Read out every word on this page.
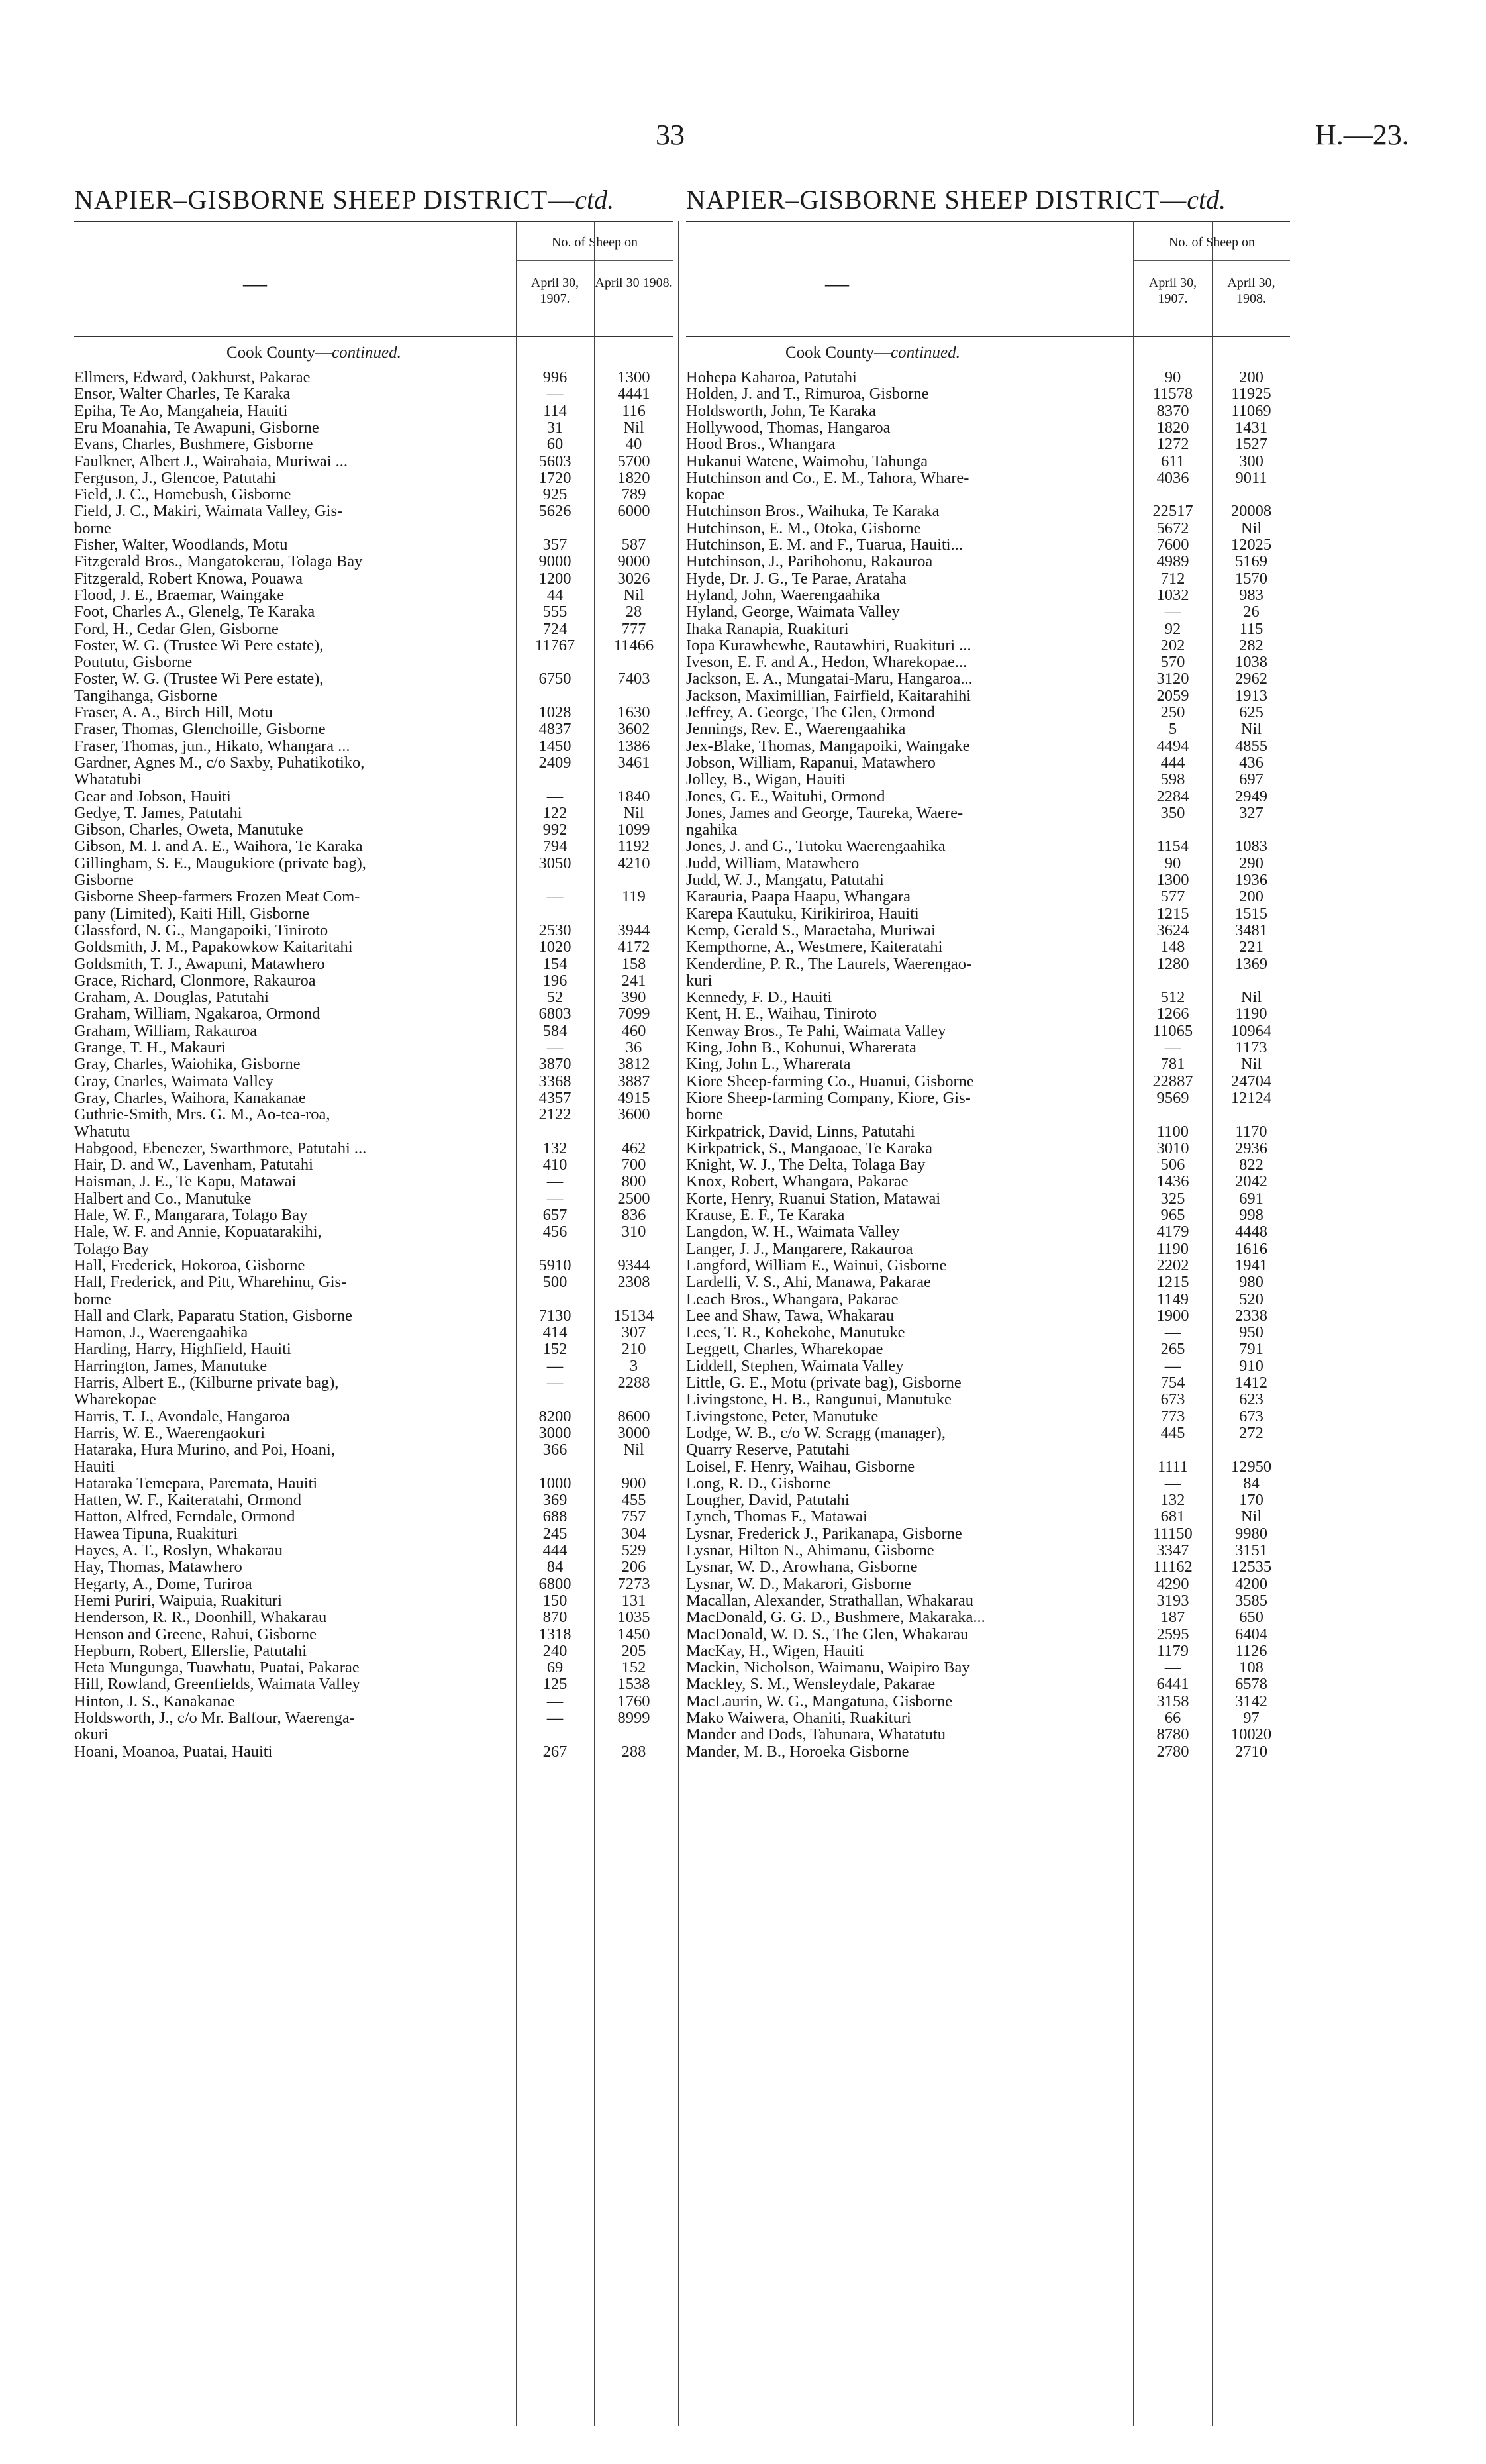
33	H.—23.
NAPIER–GISBORNE SHEEP DISTRICT—ctd.	NAPIER–GISBORNE SHEEP DISTRICT—ctd.
—
No. of Sheep on
April 30, 1907.
April 30 1908.
Cook County—continued.
Ellmers, Edward, Oakhurst, Pakarae	996	1300
Ensor, Walter Charles, Te Karaka	—	4441
Epiha, Te Ao, Mangaheia, Hauiti	114	116
Eru Moanahia, Te Awapuni, Gisborne	31	Nil
Evans, Charles, Bushmere, Gisborne	60	40
Faulkner, Albert J., Wairahaia, Muriwai ...	5603	5700
Ferguson, J., Glencoe, Patutahi	1720	1820
Field, J. C., Homebush, Gisborne	925	789
Field, J. C., Makiri, Waimata Valley, Gis-	5626	6000
borne
Fisher, Walter, Woodlands, Motu	357	587
Fitzgerald Bros., Mangatokerau, Tolaga Bay	9000	9000
Fitzgerald, Robert Knowa, Pouawa	1200	3026
Flood, J. E., Braemar, Waingake	44	Nil
Foot, Charles A., Glenelg, Te Karaka	555	28
Ford, H., Cedar Glen, Gisborne	724	777
Foster, W. G. (Trustee Wi Pere estate),	11767	11466
Poututu, Gisborne
Foster, W. G. (Trustee Wi Pere estate),	6750	7403
Tangihanga, Gisborne
Fraser, A. A., Birch Hill, Motu	1028	1630
Fraser, Thomas, Glenchoille, Gisborne	4837	3602
Fraser, Thomas, jun., Hikato, Whangara ...	1450	1386
Gardner, Agnes M., c/o Saxby, Puhatikotiko,	2409	3461
Whatatubi
Gear and Jobson, Hauiti	—	1840
Gedye, T. James, Patutahi	122	Nil
Gibson, Charles, Oweta, Manutuke	992	1099
Gibson, M. I. and A. E., Waihora, Te Karaka	794	1192
Gillingham, S. E., Maugukiore (private bag),	3050	4210
Gisborne
Gisborne Sheep-farmers Frozen Meat Com-	—	119
pany (Limited), Kaiti Hill, Gisborne
Glassford, N. G., Mangapoiki, Tiniroto	2530	3944
Goldsmith, J. M., Papakowkow Kaitaritahi	1020	4172
Goldsmith, T. J., Awapuni, Matawhero	154	158
Grace, Richard, Clonmore, Rakauroa	196	241
Graham, A. Douglas, Patutahi	52	390
Graham, William, Ngakaroa, Ormond	6803	7099
Graham, William, Rakauroa	584	460
Grange, T. H., Makauri	—	36
Gray, Charles, Waiohika, Gisborne	3870	3812
Gray, Cnarles, Waimata Valley	3368	3887
Gray, Charles, Waihora, Kanakanae	4357	4915
Guthrie-Smith, Mrs. G. M., Ao-tea-roa,	2122	3600
Whatutu
Habgood, Ebenezer, Swarthmore, Patutahi ...	132	462
Hair, D. and W., Lavenham, Patutahi	410	700
Haisman, J. E., Te Kapu, Matawai	—	800
Halbert and Co., Manutuke	—	2500
Hale, W. F., Mangarara, Tolago Bay	657	836
Hale, W. F. and Annie, Kopuatarakihi,	456	310
Tolago Bay
Hall, Frederick, Hokoroa, Gisborne	5910	9344
Hall, Frederick, and Pitt, Wharehinu, Gis-	500	2308
borne
Hall and Clark, Paparatu Station, Gisborne	7130	15134
Hamon, J., Waerengaahika	414	307
Harding, Harry, Highfield, Hauiti	152	210
Harrington, James, Manutuke	—	3
Harris, Albert E., (Kilburne private bag),	—	2288
Wharekopae
Harris, T. J., Avondale, Hangaroa	8200	8600
Harris, W. E., Waerengaokuri	3000	3000
Hataraka, Hura Murino, and Poi, Hoani,	366	Nil
Hauiti
Hataraka Temepara, Paremata, Hauiti	1000	900
Hatten, W. F., Kaiteratahi, Ormond	369	455
Hatton, Alfred, Ferndale, Ormond	688	757
Hawea Tipuna, Ruakituri	245	304
Hayes, A. T., Roslyn, Whakarau	444	529
Hay, Thomas, Matawhero	84	206
Hegarty, A., Dome, Turiroa	6800	7273
Hemi Puriri, Waipuia, Ruakituri	150	131
Henderson, R. R., Doonhill, Whakarau	870	1035
Henson and Greene, Rahui, Gisborne	1318	1450
Hepburn, Robert, Ellerslie, Patutahi	240	205
Heta Mungunga, Tuawhatu, Puatai, Pakarae	69	152
Hill, Rowland, Greenfields, Waimata Valley	125	1538
Hinton, J. S., Kanakanae	—	1760
Holdsworth, J., c/o Mr. Balfour, Waerenga-	—	8999
okuri
Hoani, Moanoa, Puatai, Hauiti	267	288
—
No. of Sheep on
April 30, 1907.
April 30, 1908.
Cook County—continued.
Hohepa Kaharoa, Patutahi	90	200
Holden, J. and T., Rimuroa, Gisborne	11578	11925
Holdsworth, John, Te Karaka	8370	11069
Hollywood, Thomas, Hangaroa	1820	1431
Hood Bros., Whangara	1272	1527
Hukanui Watene, Waimohu, Tahunga	611	300
Hutchinson and Co., E. M., Tahora, Whare-	4036	9011
kopae
Hutchinson Bros., Waihuka, Te Karaka	22517	20008
Hutchinson, E. M., Otoka, Gisborne	5672	Nil
Hutchinson, E. M. and F., Tuarua, Hauiti...	7600	12025
Hutchinson, J., Parihohonu, Rakauroa	4989	5169
Hyde, Dr. J. G., Te Parae, Arataha	712	1570
Hyland, John, Waerengaahika	1032	983
Hyland, George, Waimata Valley	—	26
Ihaka Ranapia, Ruakituri	92	115
Iopa Kurawhewhe, Rautawhiri, Ruakituri ...	202	282
Iveson, E. F. and A., Hedon, Wharekopae...	570	1038
Jackson, E. A., Mungatai-Maru, Hangaroa...	3120	2962
Jackson, Maximillian, Fairfield, Kaitarahihi	2059	1913
Jeffrey, A. George, The Glen, Ormond	250	625
Jennings, Rev. E., Waerengaahika	5	Nil
Jex-Blake, Thomas, Mangapoiki, Waingake	4494	4855
Jobson, William, Rapanui, Matawhero	444	436
Jolley, B., Wigan, Hauiti	598	697
Jones, G. E., Waituhi, Ormond	2284	2949
Jones, James and George, Taureka, Waere-	350	327
ngahika
Jones, J. and G., Tutoku Waerengaahika	1154	1083
Judd, William, Matawhero	90	290
Judd, W. J., Mangatu, Patutahi	1300	1936
Karauria, Paapa Haapu, Whangara	577	200
Karepa Kautuku, Kirikiriroa, Hauiti	1215	1515
Kemp, Gerald S., Maraetaha, Muriwai	3624	3481
Kempthorne, A., Westmere, Kaiteratahi	148	221
Kenderdine, P. R., The Laurels, Waerengao-	1280	1369
kuri
Kennedy, F. D., Hauiti	512	Nil
Kent, H. E., Waihau, Tiniroto	1266	1190
Kenway Bros., Te Pahi, Waimata Valley	11065	10964
King, John B., Kohunui, Wharerata	—	1173
King, John L., Wharerata	781	Nil
Kiore Sheep-farming Co., Huanui, Gisborne	22887	24704
Kiore Sheep-farming Company, Kiore, Gis-	9569	12124
borne
Kirkpatrick, David, Linns, Patutahi	1100	1170
Kirkpatrick, S., Mangaoae, Te Karaka	3010	2936
Knight, W. J., The Delta, Tolaga Bay	506	822
Knox, Robert, Whangara, Pakarae	1436	2042
Korte, Henry, Ruanui Station, Matawai	325	691
Krause, E. F., Te Karaka	965	998
Langdon, W. H., Waimata Valley	4179	4448
Langer, J. J., Mangarere, Rakauroa	1190	1616
Langford, William E., Wainui, Gisborne	2202	1941
Lardelli, V. S., Ahi, Manawa, Pakarae	1215	980
Leach Bros., Whangara, Pakarae	1149	520
Lee and Shaw, Tawa, Whakarau	1900	2338
Lees, T. R., Kohekohe, Manutuke	—	950
Leggett, Charles, Wharekopae	265	791
Liddell, Stephen, Waimata Valley	—	910
Little, G. E., Motu (private bag), Gisborne	754	1412
Livingstone, H. B., Rangunui, Manutuke	673	623
Livingstone, Peter, Manutuke	773	673
Lodge, W. B., c/o W. Scragg (manager),	445	272
Quarry Reserve, Patutahi
Loisel, F. Henry, Waihau, Gisborne	1111	12950
Long, R. D., Gisborne	—	84
Lougher, David, Patutahi	132	170
Lynch, Thomas F., Matawai	681	Nil
Lysnar, Frederick J., Parikanapa, Gisborne	11150	9980
Lysnar, Hilton N., Ahimanu, Gisborne	3347	3151
Lysnar, W. D., Arowhana, Gisborne	11162	12535
Lysnar, W. D., Makarori, Gisborne	4290	4200
Macallan, Alexander, Strathallan, Whakarau	3193	3585
MacDonald, G. G. D., Bushmere, Makaraka...	187	650
MacDonald, W. D. S., The Glen, Whakarau	2595	6404
MacKay, H., Wigen, Hauiti	1179	1126
Mackin, Nicholson, Waimanu, Waipiro Bay	—	108
Mackley, S. M., Wensleydale, Pakarae	6441	6578
MacLaurin, W. G., Mangatuna, Gisborne	3158	3142
Mako Waiwera, Ohaniti, Ruakituri	66	97
Mander and Dods, Tahunara, Whatatutu	8780	10020
Mander, M. B., Horoeka Gisborne	2780	2710
